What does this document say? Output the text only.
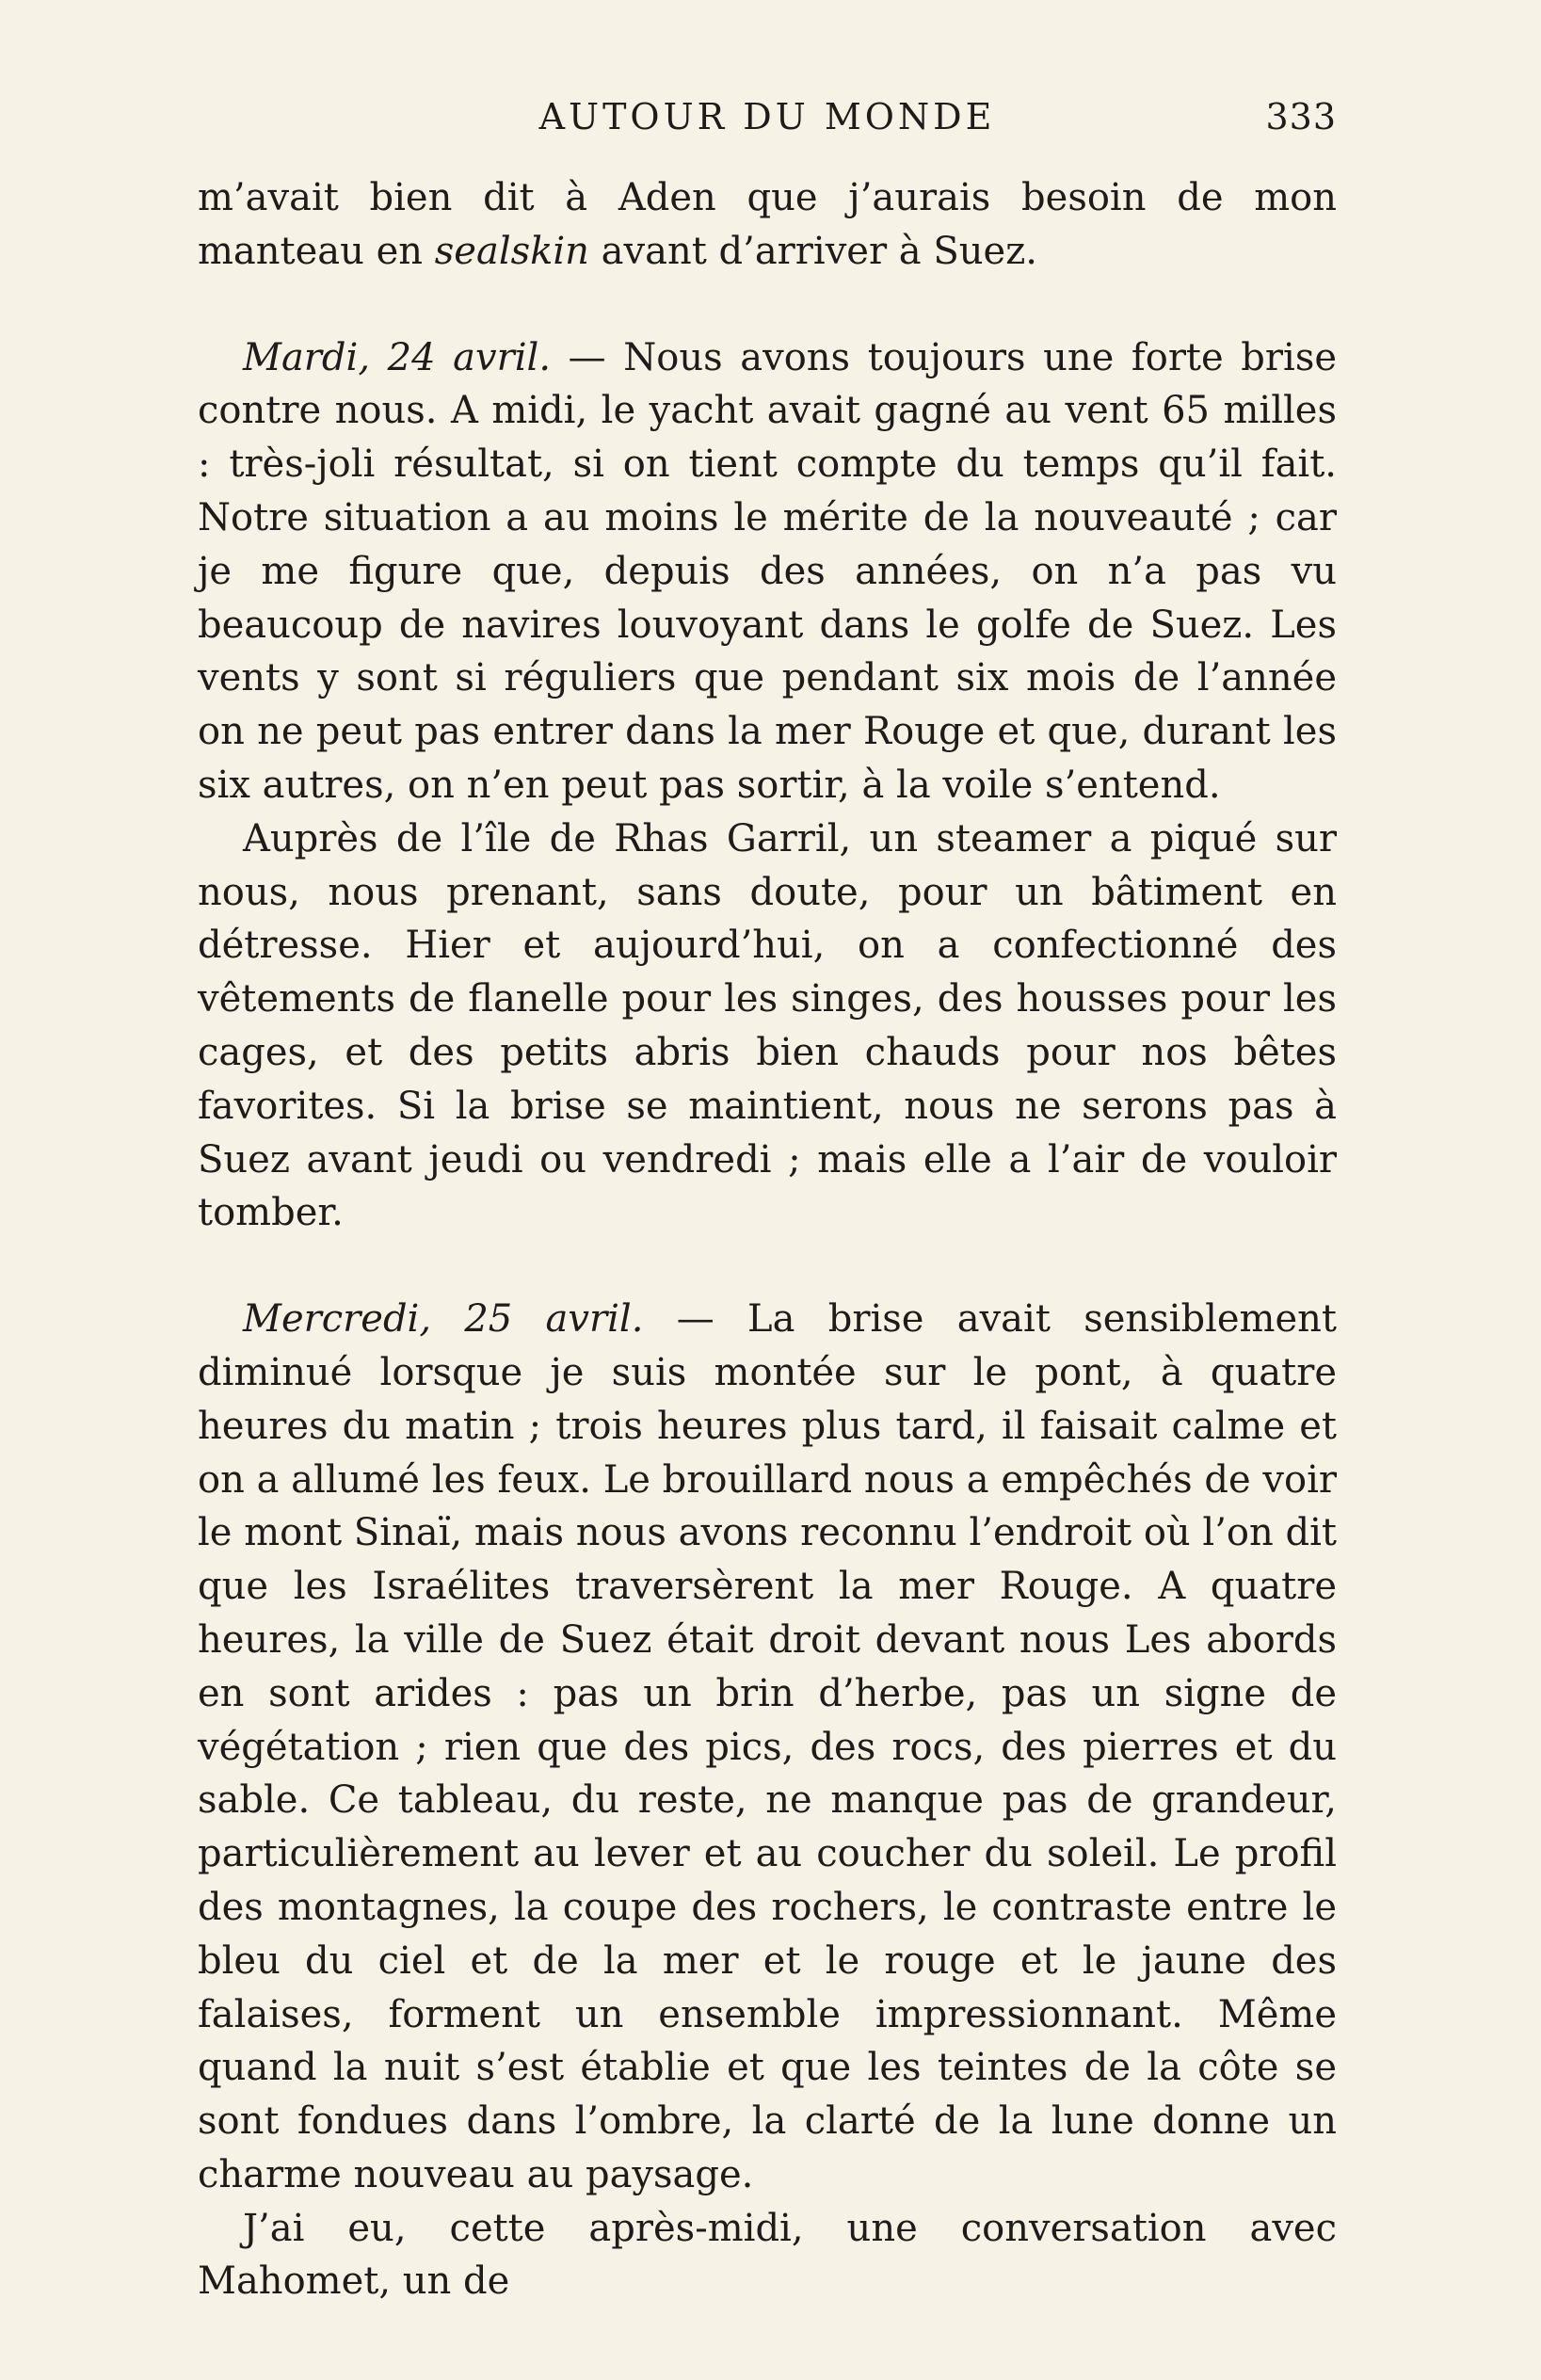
AUTOUR DU MONDE	333

m’avait bien dit à Aden que j’aurais besoin de mon manteau en sealskin avant d’arriver à Suez.

Mardi, 24 avril. — Nous avons toujours une forte brise contre nous. A midi, le yacht avait gagné au vent 65 milles : très-joli résultat, si on tient compte du temps qu’il fait. Notre situation a au moins le mérite de la nouveauté ; car je me figure que, depuis des années, on n’a pas vu beaucoup de navires louvoyant dans le golfe de Suez. Les vents y sont si réguliers que pendant six mois de l’année on ne peut pas entrer dans la mer Rouge et que, durant les six autres, on n’en peut pas sortir, à la voile s’entend.

Auprès de l’île de Rhas Garril, un steamer a piqué sur nous, nous prenant, sans doute, pour un bâtiment en détresse. Hier et aujourd’hui, on a confectionné des vêtements de flanelle pour les singes, des housses pour les cages, et des petits abris bien chauds pour nos bêtes favorites. Si la brise se maintient, nous ne serons pas à Suez avant jeudi ou vendredi ; mais elle a l’air de vouloir tomber.

Mercredi, 25 avril. — La brise avait sensiblement diminué lorsque je suis montée sur le pont, à quatre heures du matin ; trois heures plus tard, il faisait calme et on a allumé les feux. Le brouillard nous a empêchés de voir le mont Sinaï, mais nous avons reconnu l’endroit où l’on dit que les Israélites traversèrent la mer Rouge. A quatre heures, la ville de Suez était droit devant nous Les abords en sont arides : pas un brin d’herbe, pas un signe de végétation ; rien que des pics, des rocs, des pierres et du sable. Ce tableau, du reste, ne manque pas de grandeur, particulièrement au lever et au coucher du soleil. Le profil des montagnes, la coupe des rochers, le contraste entre le bleu du ciel et de la mer et le rouge et le jaune des falaises, forment un ensemble impressionnant. Même quand la nuit s’est établie et que les teintes de la côte se sont fondues dans l’ombre, la clarté de la lune donne un charme nouveau au paysage.

J’ai eu, cette après-midi, une conversation avec Mahomet, un de
